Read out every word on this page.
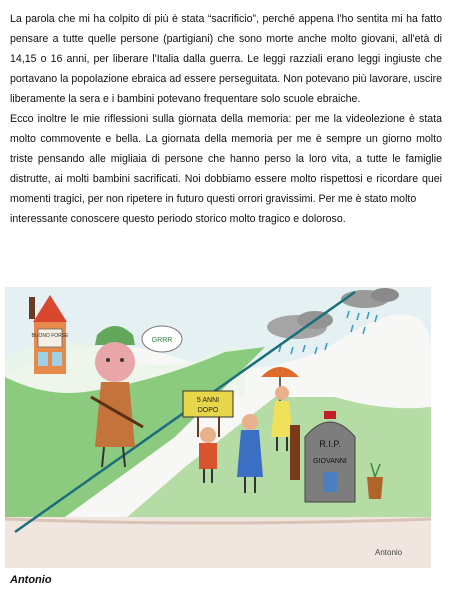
La parola che mi ha colpito di più è stata “sacrificio”, perché appena l'ho sentita mi ha fatto pensare a tutte quelle persone (partigiani) che sono morte anche molto giovani, all'età di 14,15 o 16 anni, per liberare l'Italia dalla guerra. Le leggi razziali erano leggi ingiuste che portavano la popolazione ebraica ad essere perseguitata. Non potevano più lavorare, uscire liberamente la sera e i bambini potevano frequentare solo scuole ebraiche.

Ecco inoltre le mie riflessioni sulla giornata della memoria: per me la videolezione è stata molto commovente e bella. La giornata della memoria per me è sempre un giorno molto triste pensando alle migliaia di persone che hanno perso la loro vita, a tutte le famiglie distrutte, ai molti bambini sacrificati. Noi dobbiamo essere molto rispettosi e ricordare quei momenti tragici, per non ripetere in futuro questi orrori gravissimi. Per me è stato molto

interessante conoscere questo periodo storico molto tragico e doloroso.

BUONO FORSE
GRRR
5 ANNI
DOPO
R.I.P.
GIOVANNI
Antonio
Antonio
